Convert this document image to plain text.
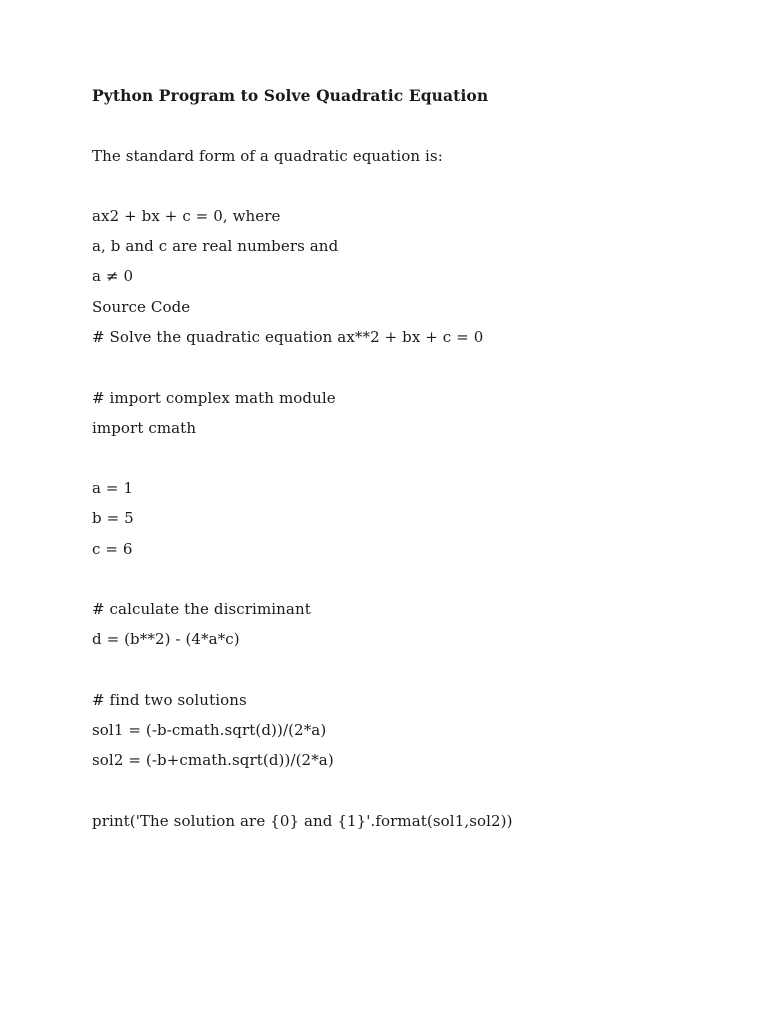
Python Program to Solve Quadratic Equation
The standard form of a quadratic equation is:
ax2 + bx + c = 0, where
a, b and c are real numbers and
a ≠ 0
Source Code
# Solve the quadratic equation ax**2 + bx + c = 0
# import complex math module
import cmath
a = 1
b = 5
c = 6
# calculate the discriminant
d = (b**2) - (4*a*c)
# find two solutions
sol1 = (-b-cmath.sqrt(d))/(2*a)
sol2 = (-b+cmath.sqrt(d))/(2*a)
print('The solution are {0} and {1}'.format(sol1,sol2))
